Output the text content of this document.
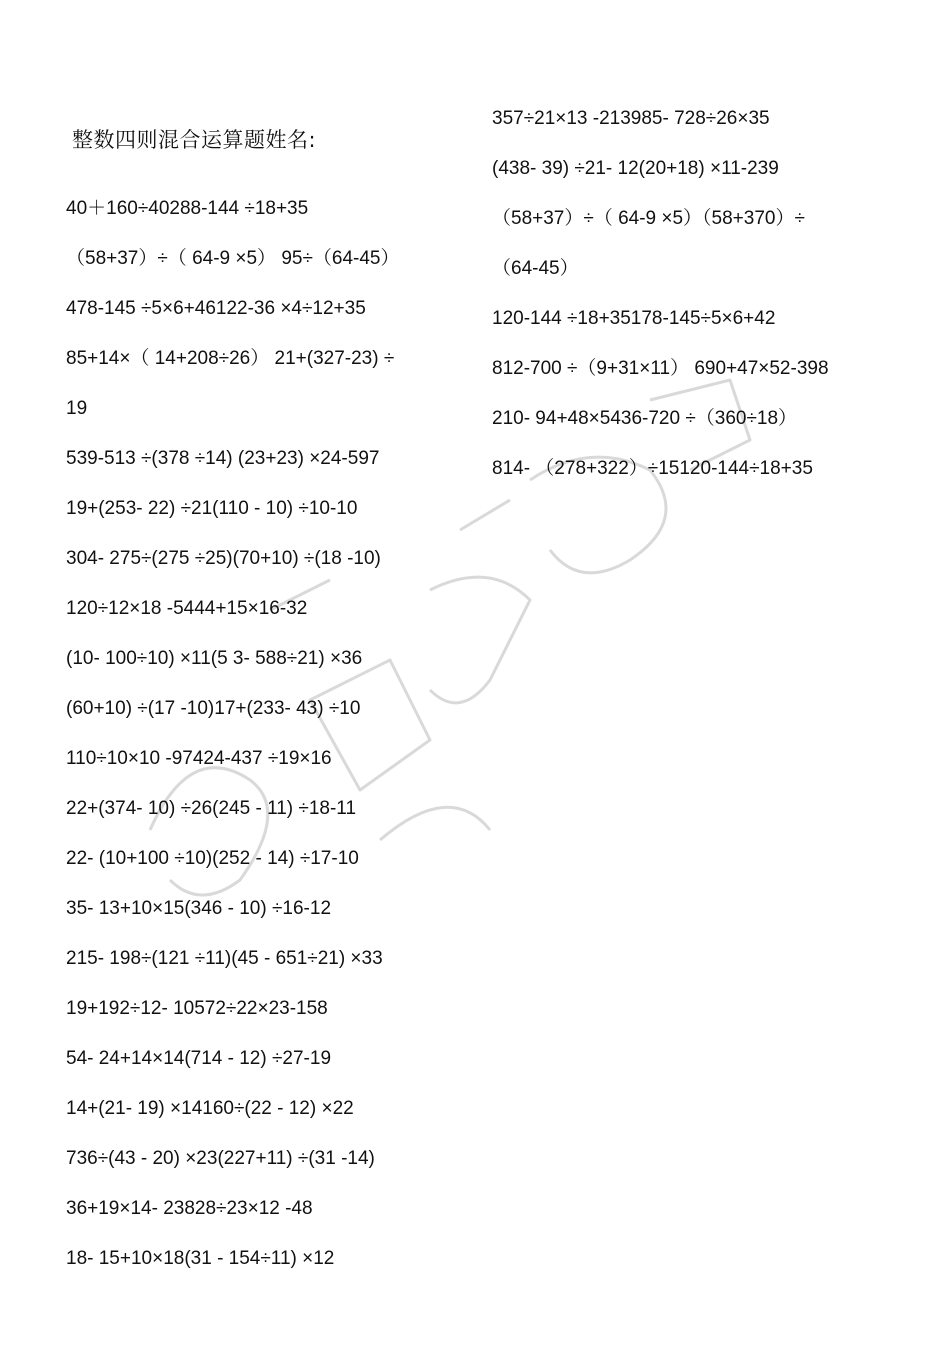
整数四则混合运算题姓名:
40＋160÷40288-144 ÷18+35
（58+37）÷（ 64-9 ×5） 95÷（64-45）
478-145 ÷5×6+46122-36 ×4÷12+35
85+14×（ 14+208÷26） 21+(327-23) ÷
19
539-513 ÷(378 ÷14) (23+23) ×24-597
19+(253- 22) ÷21(110 - 10) ÷10-10
304- 275÷(275 ÷25)(70+10) ÷(18 -10)
120÷12×18 -5444+15×16-32
(10- 100÷10) ×11(5 3- 588÷21) ×36
(60+10) ÷(17 -10)17+(233- 43) ÷10
110÷10×10 -97424-437 ÷19×16
22+(374- 10) ÷26(245 - 11) ÷18-11
22- (10+100 ÷10)(252 - 14) ÷17-10
35- 13+10×15(346 - 10) ÷16-12
215- 198÷(121 ÷11)(45 - 651÷21) ×33
19+192÷12- 10572÷22×23-158
54- 24+14×14(714 - 12) ÷27-19
14+(21- 19) ×14160÷(22 - 12) ×22
736÷(43 - 20) ×23(227+11) ÷(31 -14)
36+19×14- 23828÷23×12 -48
18- 15+10×18(31 - 154÷11) ×12
357÷21×13 -213985- 728÷26×35
(438- 39) ÷21- 12(20+18) ×11-239
（58+37）÷（ 64-9 ×5）（58+370）÷
（64-45）
120-144 ÷18+35178-145÷5×6+42
812-700 ÷（9+31×11） 690+47×52-398
210- 94+48×5436-720 ÷（360÷18）
814- （278+322）÷15120-144÷18+35
